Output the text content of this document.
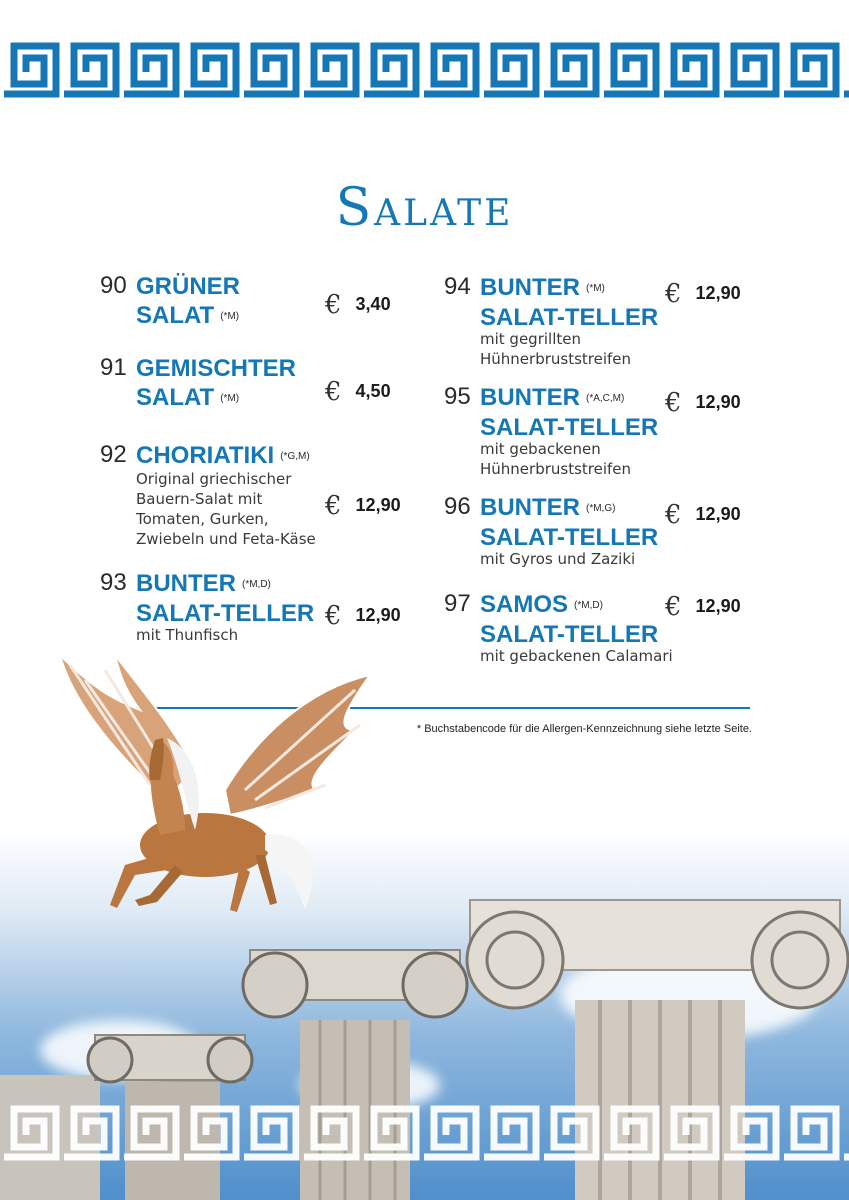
Salate
90 GRÜNER
SALAT (*M)	€ 3,40
91 GEMISCHTER
SALAT (*M)	€ 4,50
92 CHORIATIKI (*G,M)
Original griechischer
Bauern-Salat mit
Tomaten, Gurken,
Zwiebeln und Feta-Käse
€ 12,90
93 BUNTER (*M,D)
SALAT-TELLER
mit Thunfisch
€ 12,90
94 BUNTER (*M)
SALAT-TELLER
mit gegrillten
Hühnerbruststreifen
€ 12,90
95 BUNTER (*A,C,M)
SALAT-TELLER
mit gebackenen
Hühnerbruststreifen
€ 12,90
96 BUNTER (*M,G)
SALAT-TELLER
mit Gyros und Zaziki
€ 12,90
97 SAMOS (*M,D)
SALAT-TELLER
mit gebackenen Calamari
€ 12,90
* Buchstabencode für die Allergen-Kennzeichnung siehe letzte Seite.
